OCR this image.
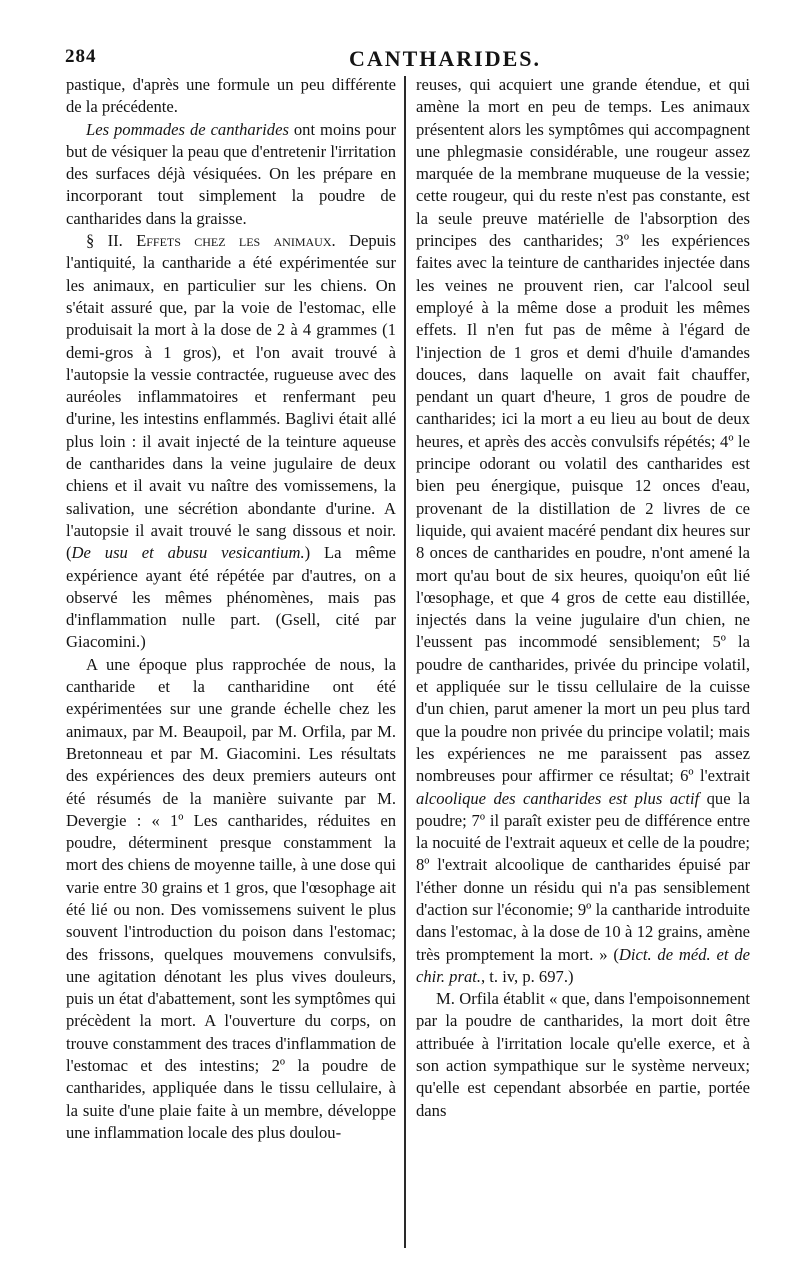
284	CANTHARIDES.

pastique, d'après une formule un peu différente de la précédente.

Les pommades de cantharides ont moins pour but de vésiquer la peau que d'entretenir l'irritation des surfaces déjà vésiquées. On les prépare en incorporant tout simplement la poudre de cantharides dans la graisse.

§ II. Effets chez les animaux. Depuis l'antiquité, la cantharide a été expérimentée sur les animaux, en particulier sur les chiens. On s'était assuré que, par la voie de l'estomac, elle produisait la mort à la dose de 2 à 4 grammes (1 demi-gros à 1 gros), et l'on avait trouvé à l'autopsie la vessie contractée, rugueuse avec des auréoles inflammatoires et renfermant peu d'urine, les intestins enflammés. Baglivi était allé plus loin : il avait injecté de la teinture aqueuse de cantharides dans la veine jugulaire de deux chiens et il avait vu naître des vomissemens, la salivation, une sécrétion abondante d'urine. A l'autopsie il avait trouvé le sang dissous et noir. (De usu et abusu vesicantium.) La même expérience ayant été répétée par d'autres, on a observé les mêmes phénomènes, mais pas d'inflammation nulle part. (Gsell, cité par Giacomini.)

A une époque plus rapprochée de nous, la cantharide et la cantharidine ont été expérimentées sur une grande échelle chez les animaux, par M. Beaupoil, par M. Orfila, par M. Bretonneau et par M. Giacomini. Les résultats des expériences des deux premiers auteurs ont été résumés de la manière suivante par M. Devergie : « 1º Les cantharides, réduites en poudre, déterminent presque constamment la mort des chiens de moyenne taille, à une dose qui varie entre 30 grains et 1 gros, que l'œsophage ait été lié ou non. Des vomissemens suivent le plus souvent l'introduction du poison dans l'estomac; des frissons, quelques mouvemens convulsifs, une agitation dénotant les plus vives douleurs, puis un état d'abattement, sont les symptômes qui précèdent la mort. A l'ouverture du corps, on trouve constamment des traces d'inflammation de l'estomac et des intestins; 2º la poudre de cantharides, appliquée dans le tissu cellulaire, à la suite d'une plaie faite à un membre, développe une inflammation locale des plus doulou-

reuses, qui acquiert une grande étendue, et qui amène la mort en peu de temps. Les animaux présentent alors les symptômes qui accompagnent une phlegmasie considérable, une rougeur assez marquée de la membrane muqueuse de la vessie; cette rougeur, qui du reste n'est pas constante, est la seule preuve matérielle de l'absorption des principes des cantharides; 3º les expériences faites avec la teinture de cantharides injectée dans les veines ne prouvent rien, car l'alcool seul employé à la même dose a produit les mêmes effets. Il n'en fut pas de même à l'égard de l'injection de 1 gros et demi d'huile d'amandes douces, dans laquelle on avait fait chauffer, pendant un quart d'heure, 1 gros de poudre de cantharides; ici la mort a eu lieu au bout de deux heures, et après des accès convulsifs répétés; 4º le principe odorant ou volatil des cantharides est bien peu énergique, puisque 12 onces d'eau, provenant de la distillation de 2 livres de ce liquide, qui avaient macéré pendant dix heures sur 8 onces de cantharides en poudre, n'ont amené la mort qu'au bout de six heures, quoiqu'on eût lié l'œsophage, et que 4 gros de cette eau distillée, injectés dans la veine jugulaire d'un chien, ne l'eussent pas incommodé sensiblement; 5º la poudre de cantharides, privée du principe volatil, et appliquée sur le tissu cellulaire de la cuisse d'un chien, parut amener la mort un peu plus tard que la poudre non privée du principe volatil; mais les expériences ne me paraissent pas assez nombreuses pour affirmer ce résultat; 6º l'extrait alcoolique des cantharides est plus actif que la poudre; 7º il paraît exister peu de différence entre la nocuité de l'extrait aqueux et celle de la poudre; 8º l'extrait alcoolique de cantharides épuisé par l'éther donne un résidu qui n'a pas sensiblement d'action sur l'économie; 9º la cantharide introduite dans l'estomac, à la dose de 10 à 12 grains, amène très promptement la mort. » (Dict. de méd. et de chir. prat., t. iv, p. 697.)

M. Orfila établit « que, dans l'empoisonnement par la poudre de cantharides, la mort doit être attribuée à l'irritation locale qu'elle exerce, et à son action sympathique sur le système nerveux; qu'elle est cependant absorbée en partie, portée dans
